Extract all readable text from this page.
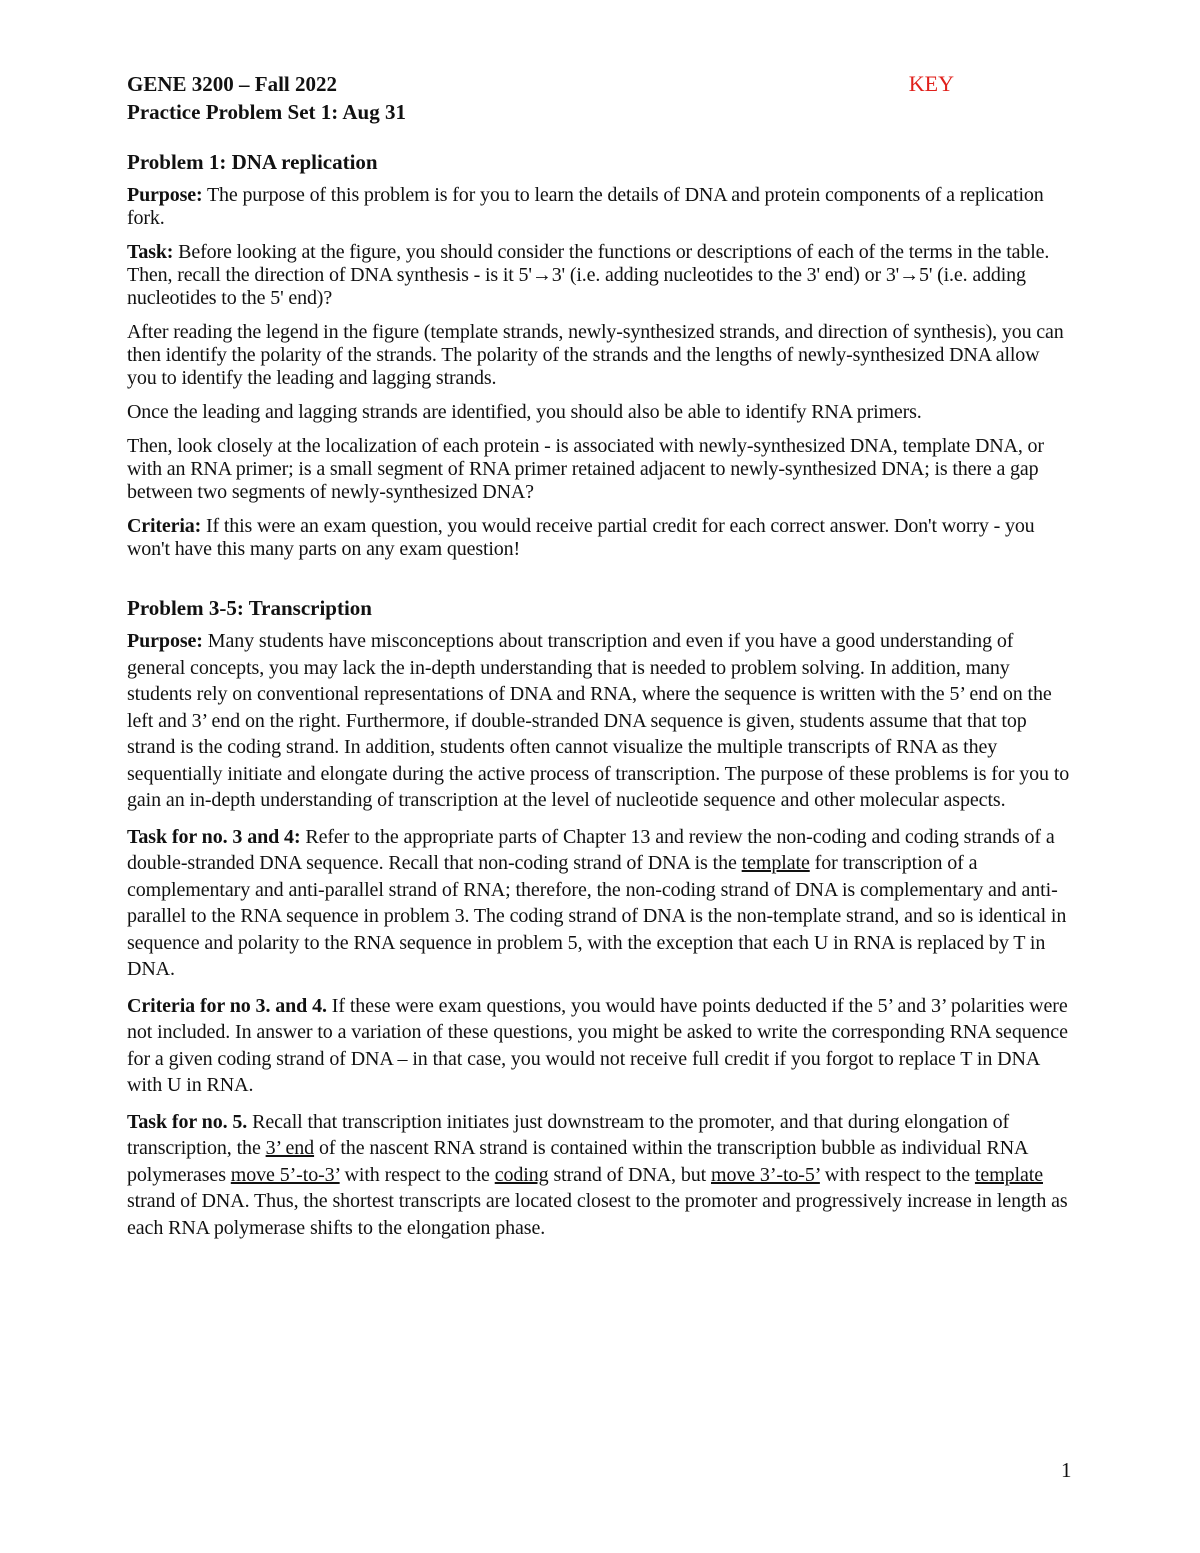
GENE 3200 – Fall 2022	KEY
Practice Problem Set 1: Aug 31
Problem 1: DNA replication

Purpose: The purpose of this problem is for you to learn the details of DNA and protein components of a replication fork.

Task: Before looking at the figure, you should consider the functions or descriptions of each of the terms in the table. Then, recall the direction of DNA synthesis - is it 5'→3' (i.e. adding nucleotides to the 3' end) or 3'→5' (i.e. adding nucleotides to the 5' end)?

After reading the legend in the figure (template strands, newly-synthesized strands, and direction of synthesis), you can then identify the polarity of the strands. The polarity of the strands and the lengths of newly-synthesized DNA allow you to identify the leading and lagging strands.

Once the leading and lagging strands are identified, you should also be able to identify RNA primers.

Then, look closely at the localization of each protein - is associated with newly-synthesized DNA, template DNA, or with an RNA primer; is a small segment of RNA primer retained adjacent to newly-synthesized DNA; is there a gap between two segments of newly-synthesized DNA?

Criteria: If this were an exam question, you would receive partial credit for each correct answer. Don't worry - you won't have this many parts on any exam question!

Problem 3-5: Transcription

Purpose: Many students have misconceptions about transcription and even if you have a good understanding of general concepts, you may lack the in-depth understanding that is needed to problem solving. In addition, many students rely on conventional representations of DNA and RNA, where the sequence is written with the 5’ end on the left and 3’ end on the right. Furthermore, if double-stranded DNA sequence is given, students assume that that top strand is the coding strand. In addition, students often cannot visualize the multiple transcripts of RNA as they sequentially initiate and elongate during the active process of transcription. The purpose of these problems is for you to gain an in-depth understanding of transcription at the level of nucleotide sequence and other molecular aspects.

Task for no. 3 and 4: Refer to the appropriate parts of Chapter 13 and review the non-coding and coding strands of a double-stranded DNA sequence. Recall that non-coding strand of DNA is the template for transcription of a complementary and anti-parallel strand of RNA; therefore, the non-coding strand of DNA is complementary and anti-parallel to the RNA sequence in problem 3. The coding strand of DNA is the non-template strand, and so is identical in sequence and polarity to the RNA sequence in problem 5, with the exception that each U in RNA is replaced by T in DNA.

Criteria for no 3. and 4. If these were exam questions, you would have points deducted if the 5’ and 3’ polarities were not included. In answer to a variation of these questions, you might be asked to write the corresponding RNA sequence for a given coding strand of DNA – in that case, you would not receive full credit if you forgot to replace T in DNA with U in RNA.

Task for no. 5. Recall that transcription initiates just downstream to the promoter, and that during elongation of transcription, the 3’ end of the nascent RNA strand is contained within the transcription bubble as individual RNA polymerases move 5’-to-3’ with respect to the coding strand of DNA, but move 3’-to-5’ with respect to the template strand of DNA. Thus, the shortest transcripts are located closest to the promoter and progressively increase in length as each RNA polymerase shifts to the elongation phase.

1
